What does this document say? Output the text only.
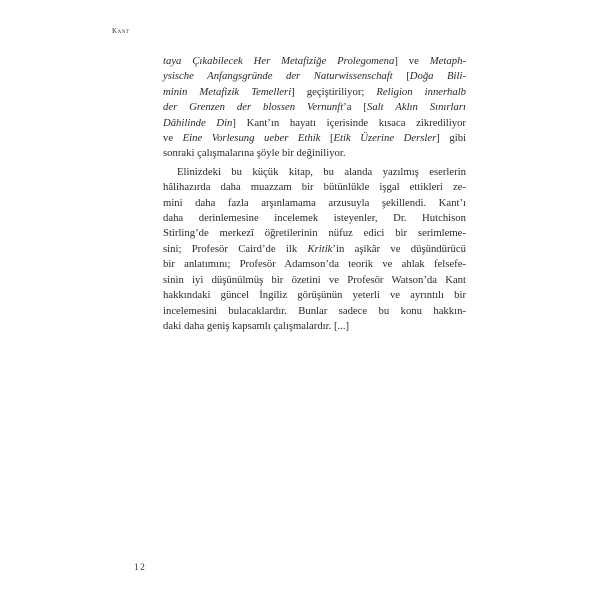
Kant
taya Çıkabilecek Her Metafiziğe Prolegomena] ve Metaph-
ysische Anfangsgründe der Naturwissenschaft [Doğa Bili-
minin Metafizik Temelleri] geçiştiriliyor; Religion innerhalb
der Grenzen der blossen Vernunft’a [Salt Aklın Sınırları
Dâhilinde Din] Kant’ın hayatı içerisinde kısaca zikrediliyor
ve Eine Vorlesung ueber Ethik [Etik Üzerine Dersler] gibi
sonraki çalışmalarına şöyle bir değiniliyor.
Elinizdeki bu küçük kitap, bu alanda yazılmış eserlerin
hâlihazırda daha muazzam bir bütünlükle işgal ettikleri ze-
mini daha fazla arşınlamama arzusuyla şekillendi. Kant’ı
daha derinlemesine incelemek isteyenler, Dr. Hutchison
Stirling’de merkezî öğretilerinin nüfuz edici bir serimleme-
sini; Profesör Caird’de ilk Kritik’in aşikâr ve düşündürücü
bir anlatımını; Profesör Adamson’da teorik ve ahlak felsefe-
sinin iyi düşünülmüş bir özetini ve Profesör Watson’da Kant
hakkındaki güncel İngiliz görüşünün yeterli ve ayrıntılı bir
incelemesini bulacaklardır. Bunlar sadece bu konu hakkın-
daki daha geniş kapsamlı çalışmalardır. [...]
12
